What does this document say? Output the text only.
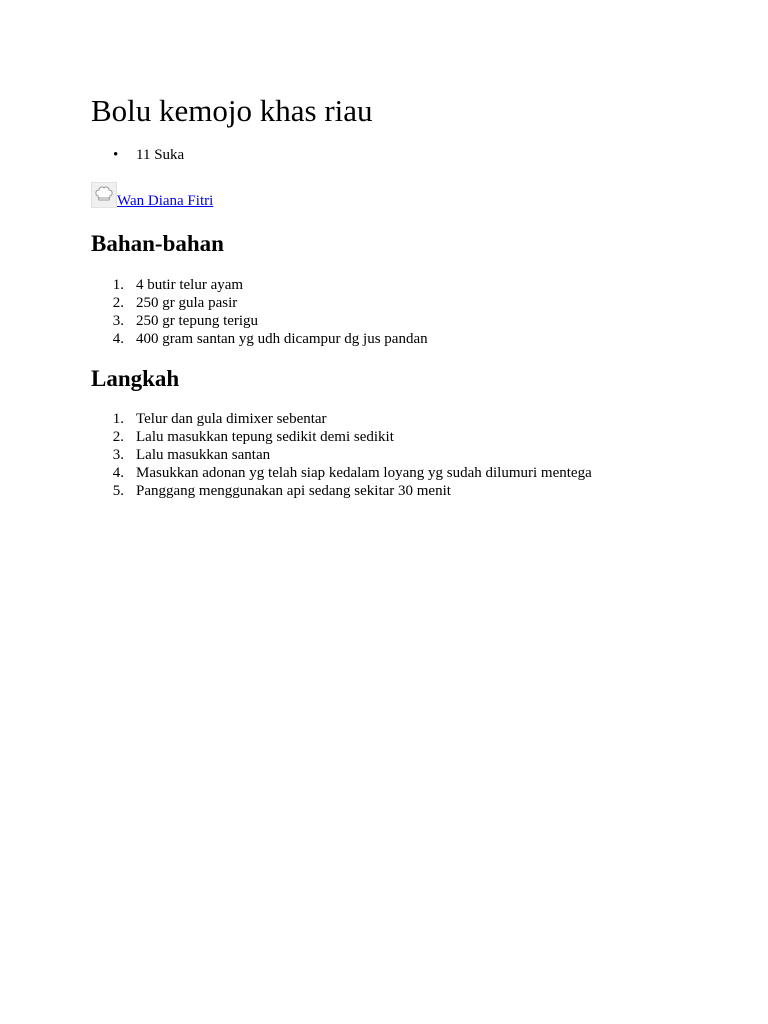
Bolu kemojo khas riau
• 11 Suka
Wan Diana Fitri
Bahan-bahan
1. 4 butir telur ayam
2. 250 gr gula pasir
3. 250 gr tepung terigu
4. 400 gram santan yg udh dicampur dg jus pandan
Langkah
1. Telur dan gula dimixer sebentar
2. Lalu masukkan tepung sedikit demi sedikit
3. Lalu masukkan santan
4. Masukkan adonan yg telah siap kedalam loyang yg sudah dilumuri mentega
5. Panggang menggunakan api sedang sekitar 30 menit
